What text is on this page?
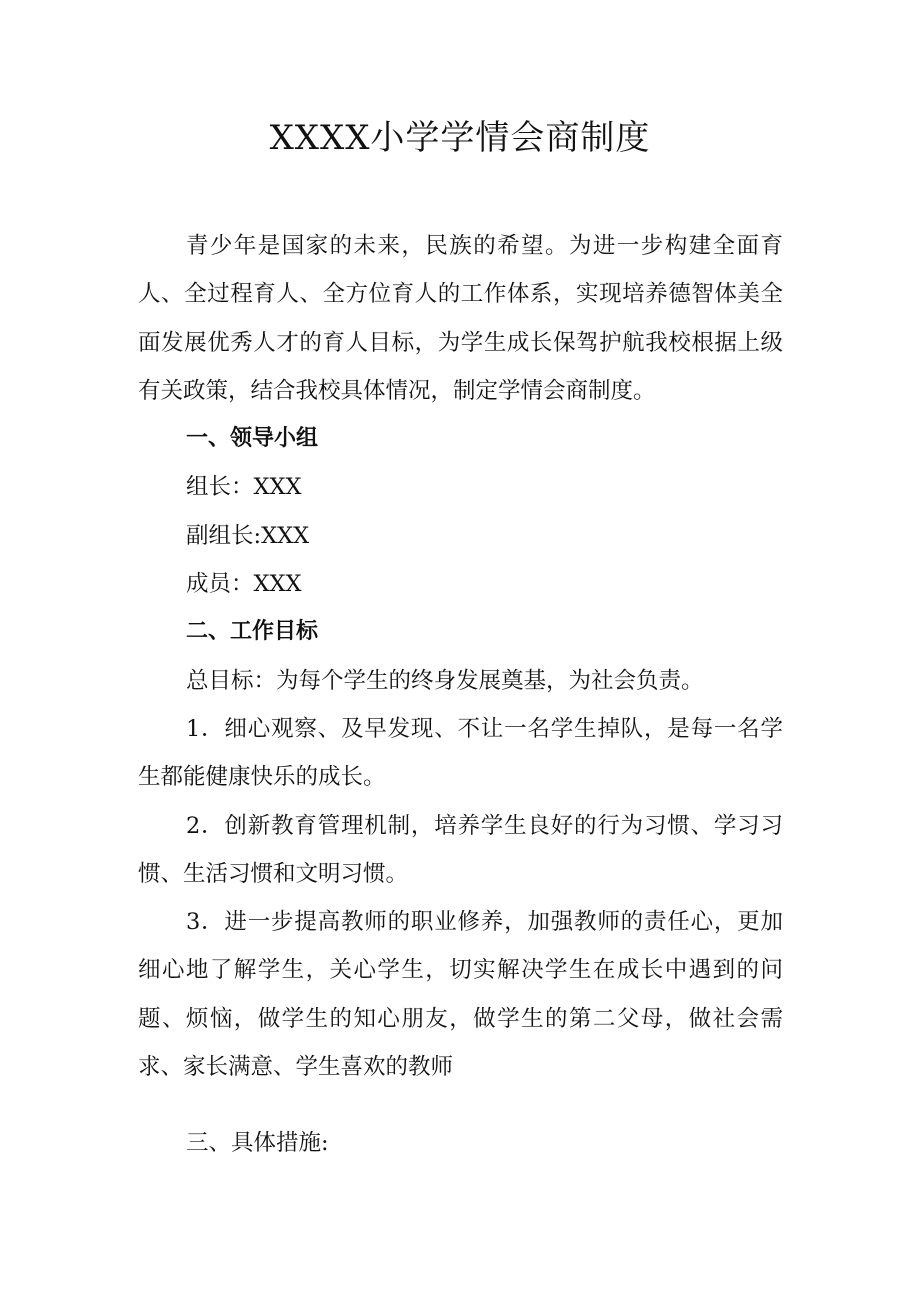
XXXX小学学情会商制度

青少年是国家的未来，民族的希望。为进一步构建全面育人、全过程育人、全方位育人的工作体系，实现培养德智体美全面发展优秀人才的育人目标，为学生成长保驾护航我校根据上级有关政策，结合我校具体情况，制定学情会商制度。

一、领导小组

组长：XXX

副组长:XXX

成员：XXX

二、工作目标

总目标：为每个学生的终身发展奠基，为社会负责。

1．细心观察、及早发现、不让一名学生掉队，是每一名学生都能健康快乐的成长。

2．创新教育管理机制，培养学生良好的行为习惯、学习习惯、生活习惯和文明习惯。

3．进一步提高教师的职业修养，加强教师的责任心，更加细心地了解学生，关心学生，切实解决学生在成长中遇到的问题、烦恼，做学生的知心朋友，做学生的第二父母，做社会需求、家长满意、学生喜欢的教师

三、具体措施:
